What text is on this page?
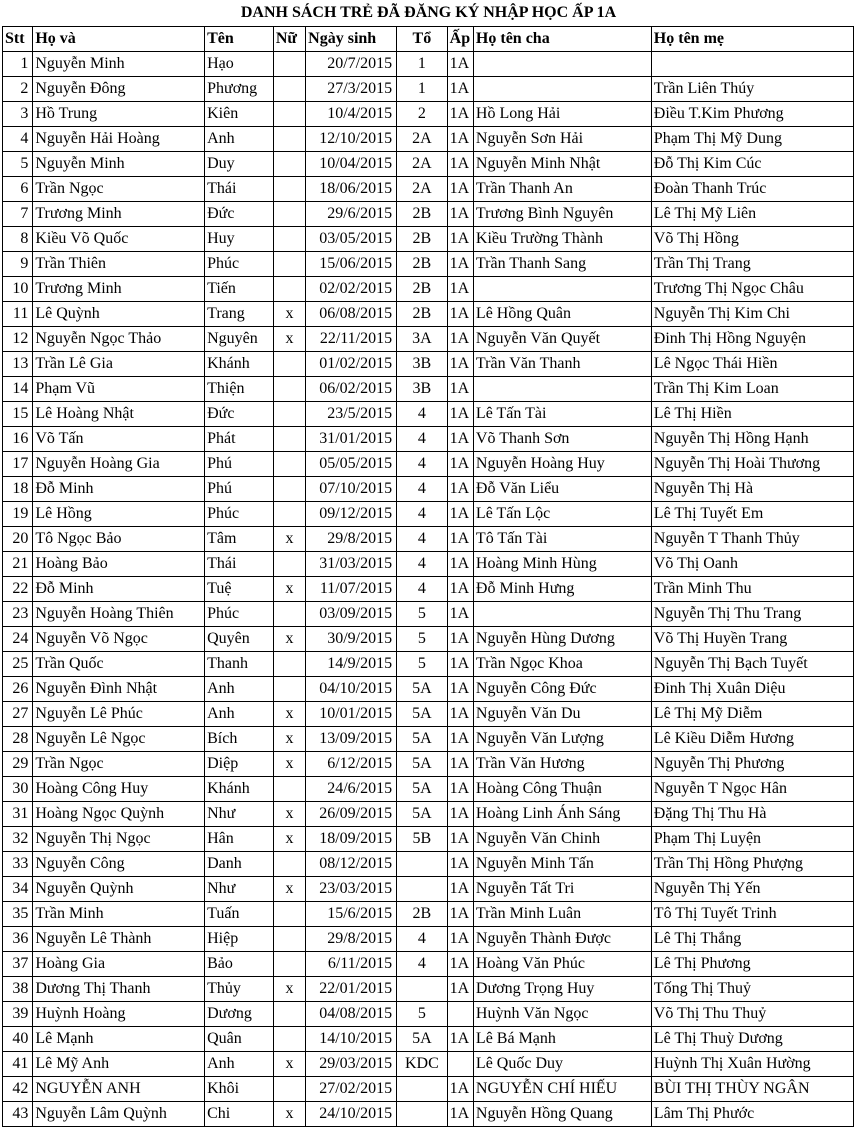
DANH SÁCH TRẺ ĐÃ ĐĂNG KÝ NHẬP HỌC ẤP 1A
Stt	Họ và	Tên	Nữ	Ngày sinh	Tổ	Ấp	Họ tên cha	Họ tên mẹ
1	Nguyễn Minh	Hạo		20/7/2015	1	1A		
2	Nguyễn Đông	Phương		27/3/2015	1	1A		Trần Liên Thúy
3	Hồ Trung	Kiên		10/4/2015	2	1A	Hồ Long Hải	Điều T.Kim Phương
4	Nguyễn Hải Hoàng	Anh		12/10/2015	2A	1A	Nguyễn Sơn Hải	Phạm Thị Mỹ Dung
5	Nguyễn Minh	Duy		10/04/2015	2A	1A	Nguyễn Minh Nhật	Đỗ Thị Kim Cúc
6	Trần Ngọc	Thái		18/06/2015	2A	1A	Trần Thanh An	Đoàn Thanh Trúc
7	Trương Minh	Đức		29/6/2015	2B	1A	Trương Bình Nguyên	Lê Thị Mỹ Liên
8	Kiều Võ Quốc	Huy		03/05/2015	2B	1A	Kiều Trường Thành	Võ Thị Hồng
9	Trần Thiên	Phúc		15/06/2015	2B	1A	Trần Thanh Sang	Trần Thị Trang
10	Trương Minh	Tiến		02/02/2015	2B	1A		Trương Thị Ngọc Châu
11	Lê Quỳnh	Trang	x	06/08/2015	2B	1A	Lê Hồng Quân	Nguyễn Thị Kim Chi
12	Nguyễn Ngọc Thảo	Nguyên	x	22/11/2015	3A	1A	Nguyễn Văn Quyết	Đinh Thị Hồng Nguyện
13	Trần Lê Gia	Khánh		01/02/2015	3B	1A	Trần Văn Thanh	Lê Ngọc Thái Hiền
14	Phạm Vũ	Thiện		06/02/2015	3B	1A		Trần Thị Kim Loan
15	Lê Hoàng Nhật	Đức		23/5/2015	4	1A	Lê Tấn Tài	Lê Thị Hiền
16	Võ Tấn	Phát		31/01/2015	4	1A	Võ Thanh Sơn	Nguyễn Thị Hồng Hạnh
17	Nguyễn Hoàng Gia	Phú		05/05/2015	4	1A	Nguyễn Hoàng Huy	Nguyễn Thị Hoài Thương
18	Đỗ Minh	Phú		07/10/2015	4	1A	Đỗ Văn Liểu	Nguyễn Thị Hà
19	Lê Hồng	Phúc		09/12/2015	4	1A	Lê Tấn Lộc	Lê Thị Tuyết Em
20	Tô Ngọc Bảo	Tâm	x	29/8/2015	4	1A	Tô Tấn Tài	Nguyễn T Thanh Thủy
21	Hoàng Bảo	Thái		31/03/2015	4	1A	Hoàng Minh Hùng	Võ Thị Oanh
22	Đỗ Minh	Tuệ	x	11/07/2015	4	1A	Đỗ Minh Hưng	Trần Minh Thu
23	Nguyễn Hoàng Thiên	Phúc		03/09/2015	5	1A		Nguyễn Thị Thu Trang
24	Nguyễn Võ Ngọc	Quyên	x	30/9/2015	5	1A	Nguyễn Hùng Dương	Võ Thị Huyền Trang
25	Trần Quốc	Thanh		14/9/2015	5	1A	Trần Ngọc Khoa	Nguyễn Thị Bạch Tuyết
26	Nguyễn Đình Nhật	Anh		04/10/2015	5A	1A	Nguyễn Công Đức	Đinh Thị Xuân Diệu
27	Nguyễn Lê Phúc	Anh	x	10/01/2015	5A	1A	Nguyễn Văn Du	Lê Thị Mỹ Diễm
28	Nguyễn Lê Ngọc	Bích	x	13/09/2015	5A	1A	Nguyễn Văn Lượng	Lê Kiều Diễm Hương
29	Trần Ngọc	Diệp	x	6/12/2015	5A	1A	Trần Văn Hương	Nguyễn Thị Phương
30	Hoàng Công Huy	Khánh		24/6/2015	5A	1A	Hoàng Công Thuận	Nguyễn T Ngọc Hân
31	Hoàng Ngọc Quỳnh	Như	x	26/09/2015	5A	1A	Hoàng Linh Ánh Sáng	Đặng Thị Thu Hà
32	Nguyễn Thị Ngọc	Hân	x	18/09/2015	5B	1A	Nguyễn Văn Chinh	Phạm Thị Luyện
33	Nguyễn Công	Danh		08/12/2015		1A	Nguyễn Minh Tấn	Trần Thị Hồng Phượng
34	Nguyễn Quỳnh	Như	x	23/03/2015		1A	Nguyễn Tất Tri	Nguyễn Thị Yến
35	Trần Minh	Tuấn		15/6/2015	2B	1A	Trần Minh Luân	Tô Thị Tuyết Trinh
36	Nguyễn Lê Thành	Hiệp		29/8/2015	4	1A	Nguyễn Thành Được	Lê Thị Thắng
37	Hoàng Gia	Bảo		6/11/2015	4	1A	Hoàng Văn Phúc	Lê Thị Phương
38	Dương Thị Thanh	Thủy	x	22/01/2015		1A	Dương Trọng Huy	Tống Thị Thuỷ
39	Huỳnh Hoàng	Dương		04/08/2015	5		Huỳnh Văn Ngọc	Võ Thị Thu Thuỷ
40	Lê Mạnh	Quân		14/10/2015	5A	1A	Lê Bá Mạnh	Lê Thị Thuỳ Dương
41	Lê Mỹ Anh	Anh	x	29/03/2015	KDC		Lê Quốc Duy	Huỳnh Thị Xuân Hường
42	NGUYỄN ANH	Khôi		27/02/2015		1A	NGUYỄN CHÍ HIẾU	BÙI THỊ THÙY NGÂN
43	Nguyễn Lâm Quỳnh	Chi	x	24/10/2015		1A	Nguyễn Hồng Quang	Lâm Thị Phước
